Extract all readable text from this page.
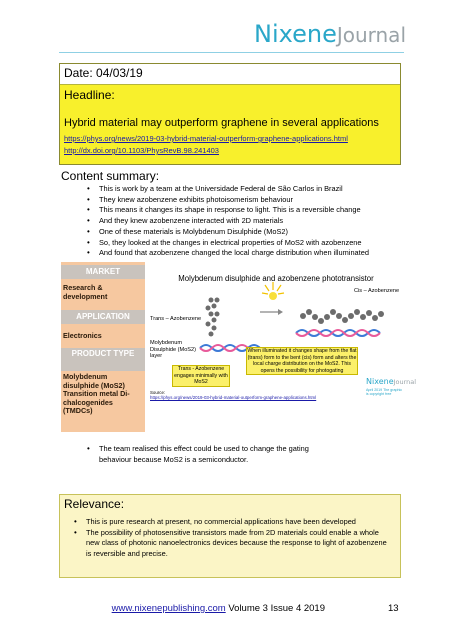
NixeneJournal
Date: 04/03/19
Headline:
Hybrid material may outperform graphene in several applications
https://phys.org/news/2019-03-hybrid-material-outperform-graphene-applications.html
http://dx.doi.org/10.1103/PhysRevB.98.241403
Content summary:
• This is work by a team at the Universidade Federal de São Carlos in Brazil
• They knew azobenzene exhibits photoisomerism behaviour
• This means it changes its shape in response to light. This is a reversible change
• And they knew azobenzene interacted with 2D materials
• One of these materials is Molybdenum Disulphide (MoS2)
• So, they looked at the changes in electrical properties of MoS2 with azobenzene
• And found that azobenzene changed the local charge distribution when illuminated
MARKET
Research & development
APPLICATION
Electronics
PRODUCT TYPE
Molybdenum disulphide (MoS2) Transition metal Di-chalcogenides (TMDCs)
Molybdenum disulphide and azobenzene phototransistor
Trans – Azobenzene
Cis – Azobenzene
Molybdenum Disulphide (MoS2) layer
Trans - Azobenzene engages minimally with MoS2
When illuminated it changes shape from the flat (trans) form to the bent (cis) form and alters the local charge distribution on the MoS2. This opens the possibility for photogating
NixeneJournal
April 2019 The graphic is copyright free
Source:
https://phys.org/news/2019-03-hybrid-material-outperform-graphene-applications.html
• The team realised this effect could be used to change the gating behaviour because MoS2 is a semiconductor.
Relevance:
• This is pure research at present, no commercial applications have been developed
• The possibility of photosensitive transistors made from 2D materials could enable a whole new class of photonic nanoelectronics devices because the response to light of azobenzene is reversible and precise.
www.nixenepublishing.com Volume 3 Issue 4 2019	13
